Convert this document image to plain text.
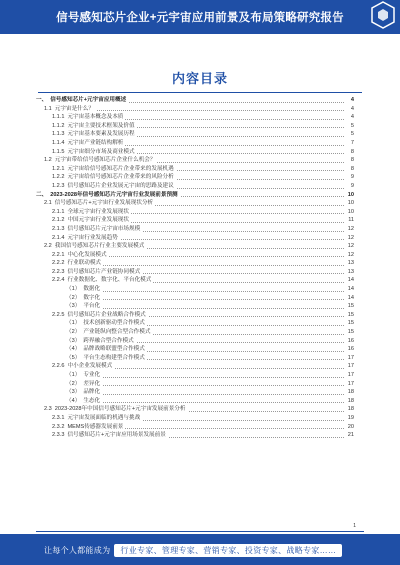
信号感知芯片企业+元宇宙应用前景及布局策略研究报告
内容目录
一、 信号感知芯片+元宇宙应用概述	4
1.1 元宇宙是什么？	4
1.1.1 元宇宙基本概念及本质	4
1.1.2 元宇宙主要技术框架及价值	5
1.1.3 元宇宙基本要素及发展历程	5
1.1.4 元宇宙产业链结构解析	7
1.1.5 元宇宙细分市场及商业模式	8
1.2 元宇宙带给信号感知芯片企业什么机会？	8
1.2.1 元宇宙给信号感知芯片企业带来的发展机遇	8
1.2.2 元宇宙给信号感知芯片企业带来的风险分析	9
1.2.3 信号感知芯片企业发展元宇宙的思路及建议	9
二、 2023-2028年信号感知芯片元宇宙行业发展前景预测	10
2.1 信号感知芯片+元宇宙行业发展现状分析	10
2.1.1 全球元宇宙行业发展现状	10
2.1.2 中国元宇宙行业发展现状	11
2.1.3 信号感知芯片元宇宙市场规模	12
2.1.4 元宇宙行业发展趋势	12
2.2 我国信号感知芯片行业主要发展模式	12
2.2.1 中心化发展模式	12
2.2.2 行业联动模式	13
2.2.3 信号感知芯片产业链协同模式	13
2.2.4 行业数据化、数字化、平台化模式	14
（1） 数据化	14
（2） 数字化	14
（3） 平台化	15
2.2.5 信号感知芯片企业战略合作模式	15
（1） 技术创新驱动型合作模式	15
（2） 产业链纵向整合型合作模式	15
（3） 跨界融合型合作模式	16
（4） 品牌战略联盟型合作模式	16
（5） 平台生态构建型合作模式	17
2.2.6 中小企业发展模式	17
（1） 专业化	17
（2） 差异化	17
（3） 品牌化	18
（4） 生态化	18
2.3 2023-2028年中国信号感知芯片+元宇宙发展前景分析	18
2.3.1 元宇宙发展面临的机遇与挑战	19
2.3.2 MEMS传感器发展前景	20
2.3.3 信号感知芯片+元宇宙应用场景发展前景	21
1
让每个人都能成为 行业专家、管理专家、营销专家、投资专家、战略专家……
